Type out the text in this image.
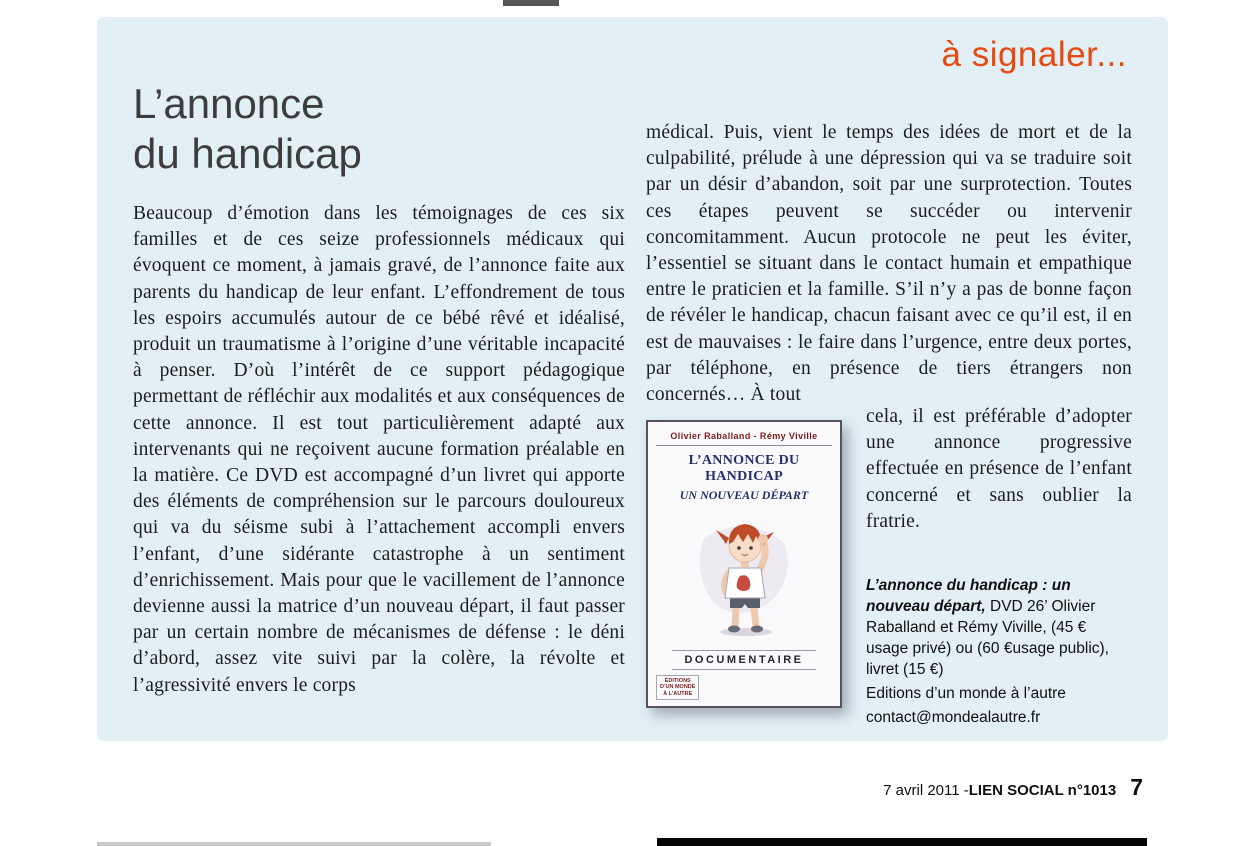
à signaler...
L’annonce
du handicap
Beaucoup d’émotion dans les témoignages de ces six familles et de ces seize professionnels médicaux qui évoquent ce moment, à jamais gravé, de l’annonce faite aux parents du handicap de leur enfant. L’effondrement de tous les espoirs accumulés autour de ce bébé rêvé et idéalisé, produit un traumatisme à l’origine d’une véritable incapacité à penser. D’où l’intérêt de ce support pédagogique permettant de réfléchir aux modalités et aux conséquences de cette annonce. Il est tout particulièrement adapté aux intervenants qui ne reçoivent aucune formation préalable en la matière. Ce DVD est accompagné d’un livret qui apporte des éléments de compréhension sur le parcours douloureux qui va du séisme subi à l’attachement accompli envers l’enfant, d’une sidérante catastrophe à un sentiment d’enrichissement. Mais pour que le vacillement de l’annonce devienne aussi la matrice d’un nouveau départ, il faut passer par un certain nombre de mécanismes de défense : le déni d’abord, assez vite suivi par la colère, la révolte et l’agressivité envers le corps
médical. Puis, vient le temps des idées de mort et de la culpabilité, prélude à une dépression qui va se traduire soit par un désir d’abandon, soit par une surprotection. Toutes ces étapes peuvent se succéder ou intervenir concomitamment. Aucun protocole ne peut les éviter, l’essentiel se situant dans le contact humain et empathique entre le praticien et la famille. S’il n’y a pas de bonne façon de révéler le handicap, chacun faisant avec ce qu’il est, il en est de mauvaises : le faire dans l’urgence, entre deux portes, par téléphone, en présence de tiers étrangers non concernés… À tout
Olivier Raballand - Rémy Viville
L’ANNONCE DU HANDICAP
UN NOUVEAU DÉPART
DOCUMENTAIRE
ÉDITIONS
D’UN MONDE
À L’AUTRE
cela, il est préférable d’adopter une annonce progressive effectuée en présence de l’enfant concerné et sans oublier la fratrie.

L’annonce du handicap : un nouveau départ, DVD 26’ Olivier Raballand et Rémy Viville, (45 € usage privé) ou (60 €usage public), livret (15 €)

Editions d’un monde à l’autre
contact@mondealautre.fr
7 avril 2011 - LIEN SOCIAL n°1013 7
